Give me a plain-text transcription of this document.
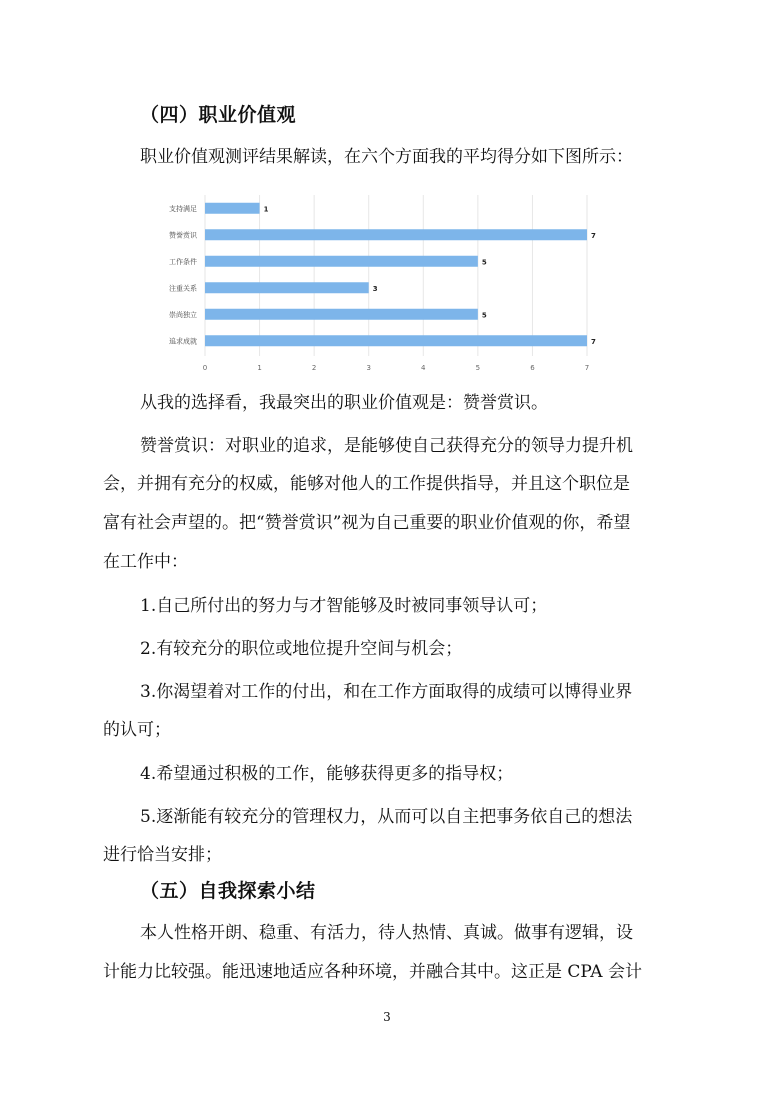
（四）职业价值观
职业价值观测评结果解读，在六个方面我的平均得分如下图所示：
0	1	2	3	4	5	6	7
支持满足	1
赞誉赏识	7
工作条件	5
注重关系	3
崇尚独立	5
追求成就	7
从我的选择看，我最突出的职业价值观是：赞誉赏识。
赞誉赏识：对职业的追求，是能够使自己获得充分的领导力提升机
会，并拥有充分的权威，能够对他人的工作提供指导，并且这个职位是
富有社会声望的。把“赞誉赏识”视为自己重要的职业价值观的你，希望
在工作中：
1.自己所付出的努力与才智能够及时被同事领导认可；
2.有较充分的职位或地位提升空间与机会；
3.你渴望着对工作的付出，和在工作方面取得的成绩可以博得业界
的认可；
4.希望通过积极的工作，能够获得更多的指导权；
5.逐渐能有较充分的管理权力，从而可以自主把事务依自己的想法
进行恰当安排；
（五）自我探索小结
本人性格开朗、稳重、有活力，待人热情、真诚。做事有逻辑，设
计能力比较强。能迅速地适应各种环境，并融合其中。这正是 CPA 会计
3
